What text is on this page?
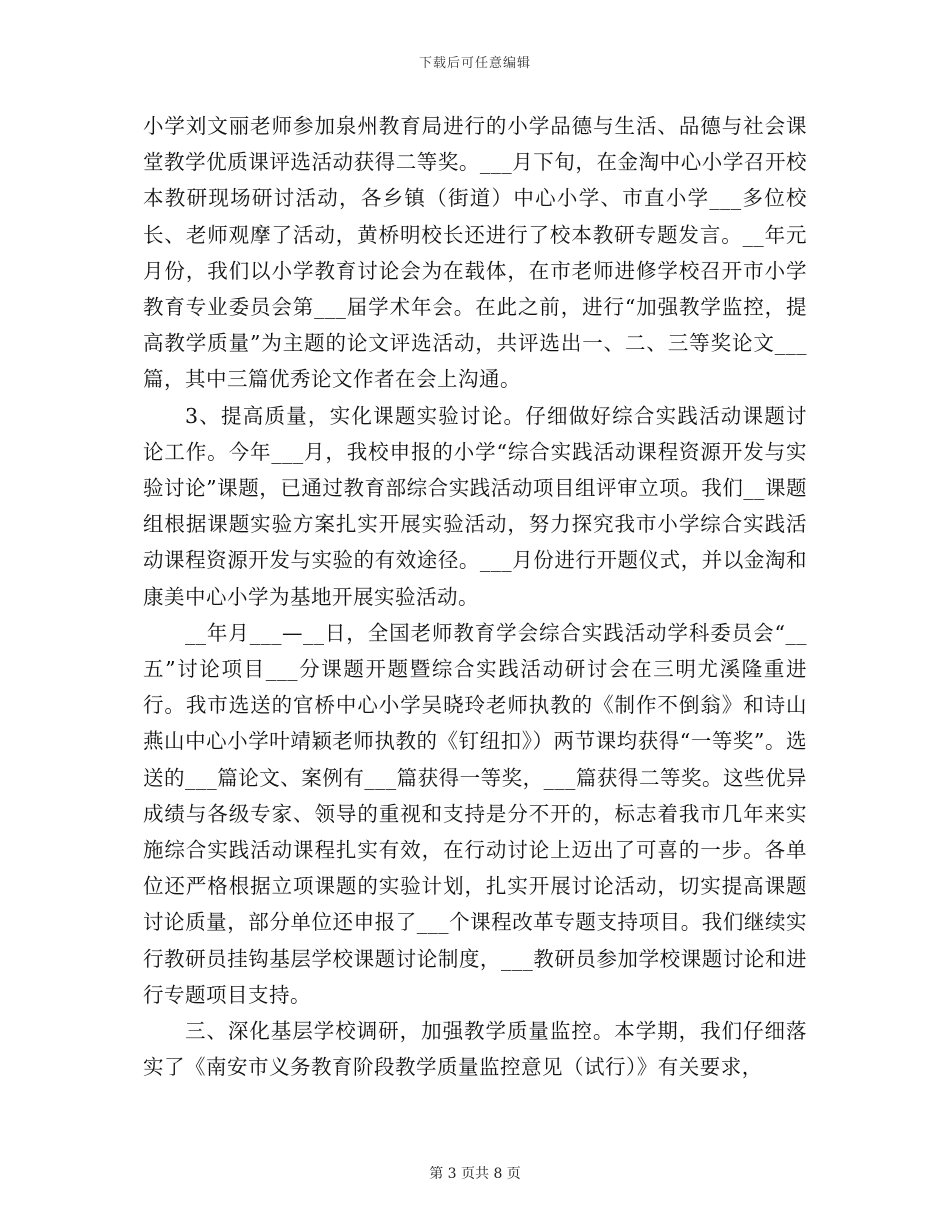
下载后可任意编辑

小学刘文丽老师参加泉州教育局进行的小学品德与生活、品德与社会课堂教学优质课评选活动获得二等奖。___月下旬，在金淘中心小学召开校本教研现场研讨活动，各乡镇（街道）中心小学、市直小学___多位校长、老师观摩了活动，黄桥明校长还进行了校本教研专题发言。__年元月份，我们以小学教育讨论会为在载体，在市老师进修学校召开市小学教育专业委员会第___届学术年会。在此之前，进行“加强教学监控，提高教学质量”为主题的论文评选活动，共评选出一、二、三等奖论文___篇，其中三篇优秀论文作者在会上沟通。

3、提高质量，实化课题实验讨论。仔细做好综合实践活动课题讨论工作。今年___月，我校申报的小学“综合实践活动课程资源开发与实验讨论”课题，已通过教育部综合实践活动项目组评审立项。我们__课题组根据课题实验方案扎实开展实验活动，努力探究我市小学综合实践活动课程资源开发与实验的有效途径。___月份进行开题仪式，并以金淘和康美中心小学为基地开展实验活动。

__年月___—__日，全国老师教育学会综合实践活动学科委员会“__五”讨论项目___分课题开题暨综合实践活动研讨会在三明尤溪隆重进行。我市选送的官桥中心小学吴晓玲老师执教的《制作不倒翁》和诗山燕山中心小学叶靖颖老师执教的《钉纽扣》）两节课均获得“一等奖”。选送的___篇论文、案例有___篇获得一等奖，___篇获得二等奖。这些优异成绩与各级专家、领导的重视和支持是分不开的，标志着我市几年来实施综合实践活动课程扎实有效，在行动讨论上迈出了可喜的一步。各单位还严格根据立项课题的实验计划，扎实开展讨论活动，切实提高课题讨论质量，部分单位还申报了___个课程改革专题支持项目。我们继续实行教研员挂钩基层学校课题讨论制度，___教研员参加学校课题讨论和进行专题项目支持。

三、深化基层学校调研，加强教学质量监控。本学期，我们仔细落实了《南安市义务教育阶段教学质量监控意见（试行）》有关要求，

第 3 页共 8 页
